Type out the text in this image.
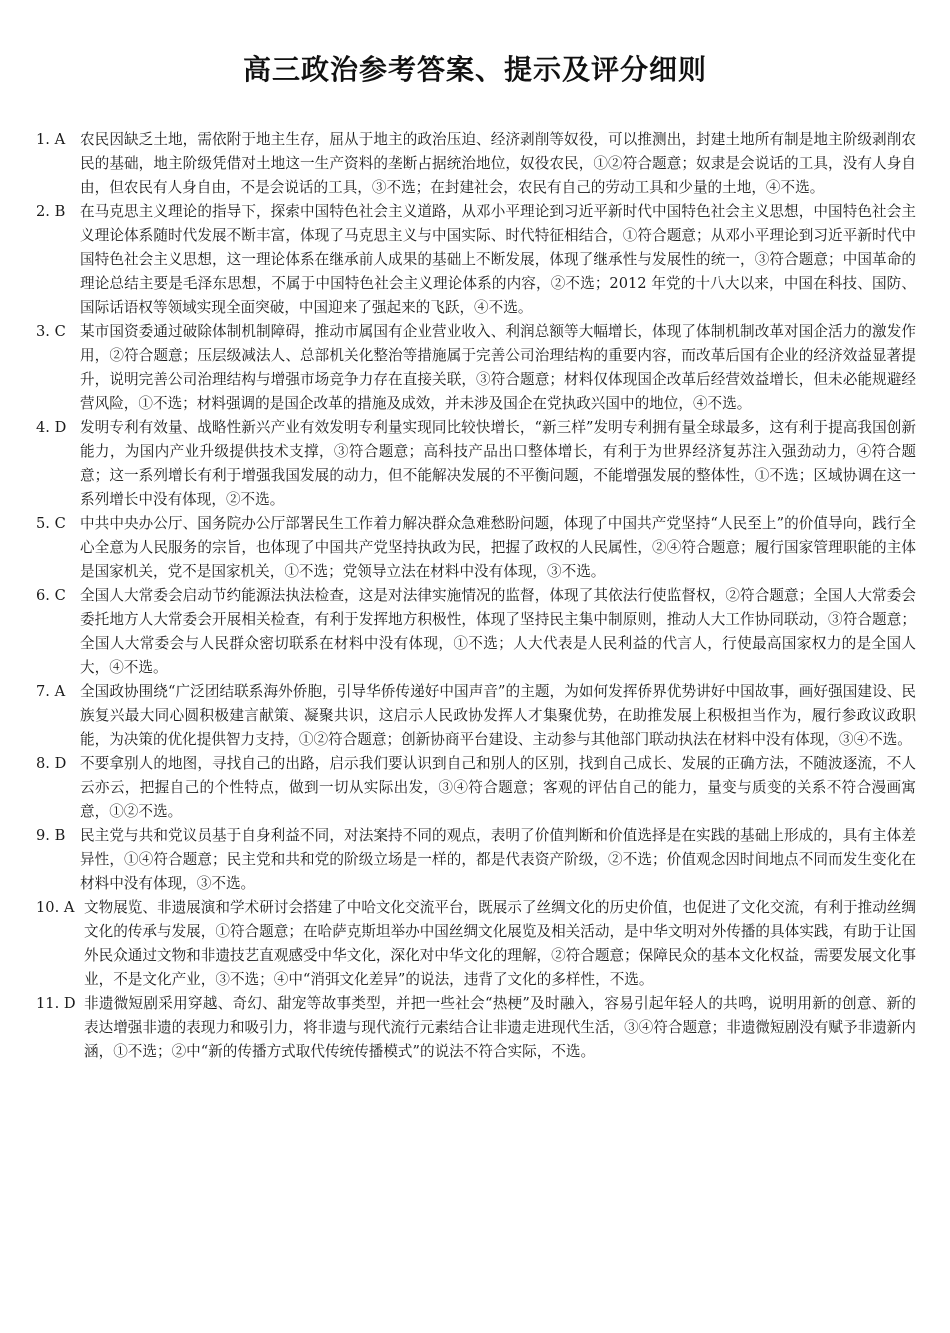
高三政治参考答案、提示及评分细则
1. A 农民因缺乏土地，需依附于地主生存，屈从于地主的政治压迫、经济剥削等奴役，可以推测出，封建土地所有制是地主阶级剥削农民的基础，地主阶级凭借对土地这一生产资料的垄断占据统治地位，奴役农民，①②符合题意；奴隶是会说话的工具，没有人身自由，但农民有人身自由，不是会说话的工具，③不选；在封建社会，农民有自己的劳动工具和少量的土地，④不选。
2. B 在马克思主义理论的指导下，探索中国特色社会主义道路，从邓小平理论到习近平新时代中国特色社会主义思想，中国特色社会主义理论体系随时代发展不断丰富，体现了马克思主义与中国实际、时代特征相结合，①符合题意；从邓小平理论到习近平新时代中国特色社会主义思想，这一理论体系在继承前人成果的基础上不断发展，体现了继承性与发展性的统一，③符合题意；中国革命的理论总结主要是毛泽东思想，不属于中国特色社会主义理论体系的内容，②不选；2012 年党的十八大以来，中国在科技、国防、国际话语权等领域实现全面突破，中国迎来了强起来的飞跃，④不选。
3. C 某市国资委通过破除体制机制障碍，推动市属国有企业营业收入、利润总额等大幅增长，体现了体制机制改革对国企活力的激发作用，②符合题意；压层级减法人、总部机关化整治等措施属于完善公司治理结构的重要内容，而改革后国有企业的经济效益显著提升，说明完善公司治理结构与增强市场竞争力存在直接关联，③符合题意；材料仅体现国企改革后经营效益增长，但未必能规避经营风险，①不选；材料强调的是国企改革的措施及成效，并未涉及国企在党执政兴国中的地位，④不选。
4. D 发明专利有效量、战略性新兴产业有效发明专利量实现同比较快增长，“新三样”发明专利拥有量全球最多，这有利于提高我国创新能力，为国内产业升级提供技术支撑，③符合题意；高科技产品出口整体增长，有利于为世界经济复苏注入强劲动力，④符合题意；这一系列增长有利于增强我国发展的动力，但不能解决发展的不平衡问题，不能增强发展的整体性，①不选；区域协调在这一系列增长中没有体现，②不选。
5. C 中共中央办公厅、国务院办公厅部署民生工作着力解决群众急难愁盼问题，体现了中国共产党坚持“人民至上”的价值导向，践行全心全意为人民服务的宗旨，也体现了中国共产党坚持执政为民，把握了政权的人民属性，②④符合题意；履行国家管理职能的主体是国家机关，党不是国家机关，①不选；党领导立法在材料中没有体现，③不选。
6. C 全国人大常委会启动节约能源法执法检查，这是对法律实施情况的监督，体现了其依法行使监督权，②符合题意；全国人大常委会委托地方人大常委会开展相关检查，有利于发挥地方积极性，体现了坚持民主集中制原则，推动人大工作协同联动，③符合题意；全国人大常委会与人民群众密切联系在材料中没有体现，①不选；人大代表是人民利益的代言人，行使最高国家权力的是全国人大，④不选。
7. A 全国政协围绕“广泛团结联系海外侨胞，引导华侨传递好中国声音”的主题，为如何发挥侨界优势讲好中国故事，画好强国建设、民族复兴最大同心圆积极建言献策、凝聚共识，这启示人民政协发挥人才集聚优势，在助推发展上积极担当作为，履行参政议政职能，为决策的优化提供智力支持，①②符合题意；创新协商平台建设、主动参与其他部门联动执法在材料中没有体现，③④不选。
8. D 不要拿别人的地图，寻找自己的出路，启示我们要认识到自己和别人的区别，找到自己成长、发展的正确方法，不随波逐流，不人云亦云，把握自己的个性特点，做到一切从实际出发，③④符合题意；客观的评估自己的能力，量变与质变的关系不符合漫画寓意，①②不选。
9. B 民主党与共和党议员基于自身利益不同，对法案持不同的观点，表明了价值判断和价值选择是在实践的基础上形成的，具有主体差异性，①④符合题意；民主党和共和党的阶级立场是一样的，都是代表资产阶级，②不选；价值观念因时间地点不同而发生变化在材料中没有体现，③不选。
10. A 文物展览、非遗展演和学术研讨会搭建了中哈文化交流平台，既展示了丝绸文化的历史价值，也促进了文化交流，有利于推动丝绸文化的传承与发展，①符合题意；在哈萨克斯坦举办中国丝绸文化展览及相关活动，是中华文明对外传播的具体实践，有助于让国外民众通过文物和非遗技艺直观感受中华文化，深化对中华文化的理解，②符合题意；保障民众的基本文化权益，需要发展文化事业，不是文化产业，③不选；④中“消弭文化差异”的说法，违背了文化的多样性，不选。
11. D 非遗微短剧采用穿越、奇幻、甜宠等故事类型，并把一些社会“热梗”及时融入，容易引起年轻人的共鸣，说明用新的创意、新的表达增强非遗的表现力和吸引力，将非遗与现代流行元素结合让非遗走进现代生活，③④符合题意；非遗微短剧没有赋予非遗新内涵，①不选；②中“新的传播方式取代传统传播模式”的说法不符合实际，不选。
